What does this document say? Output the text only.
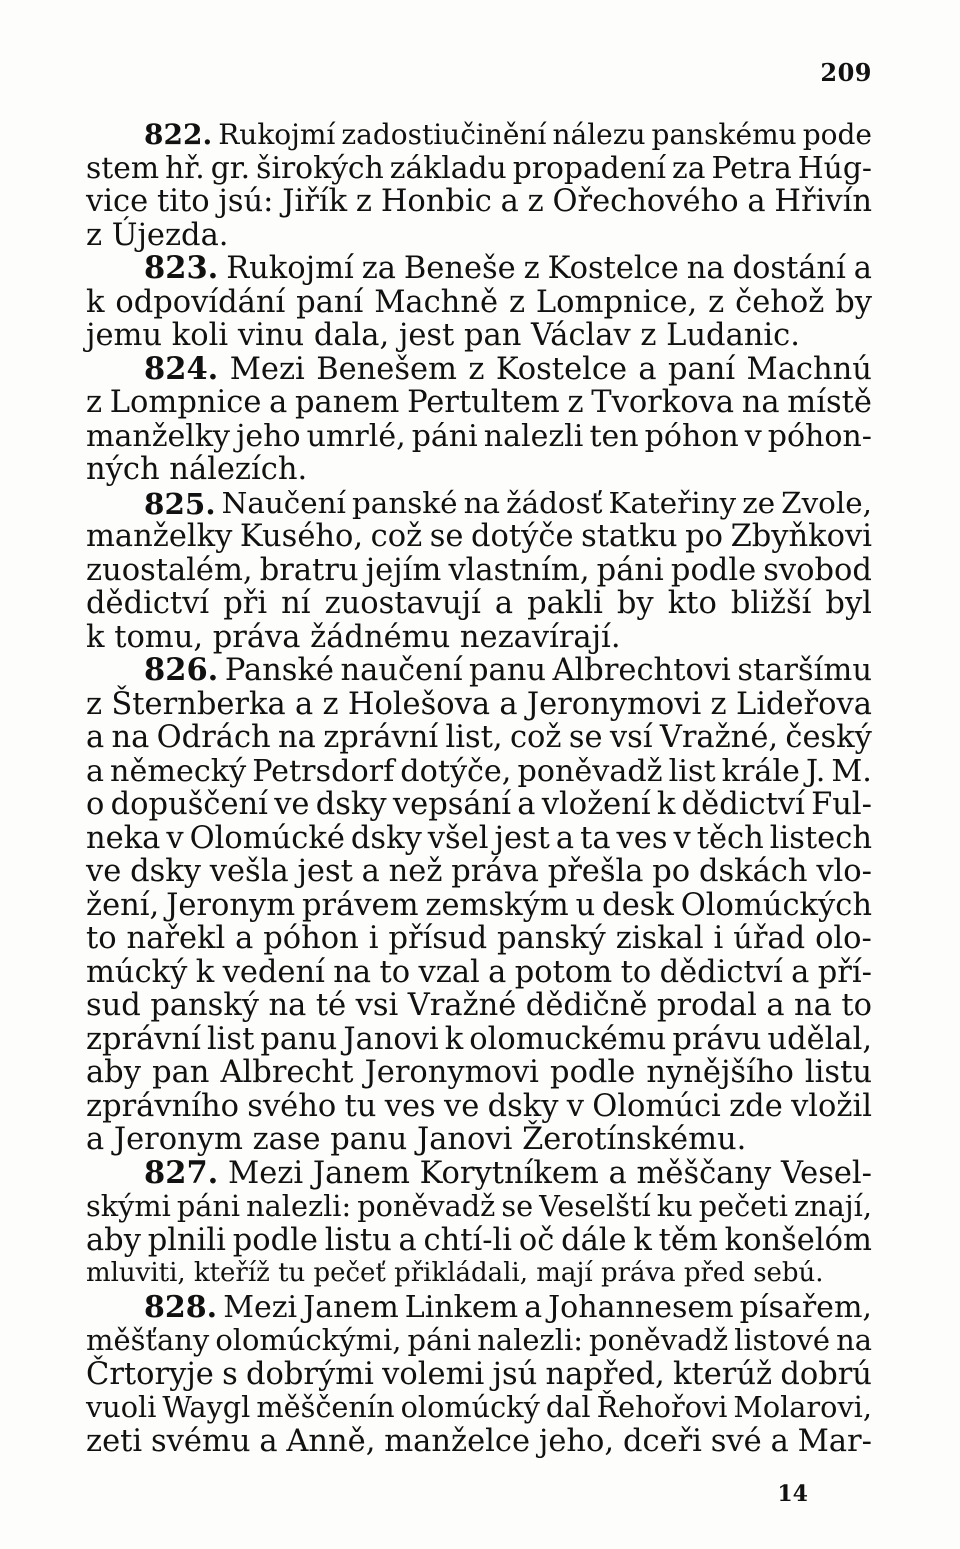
209
822. Rukojmí zadostiučinění nálezu panskému pode
stem hř. gr. širokých základu propadení za Petra Húg-
vice tito jsú: Jiřík z Honbic a z Ořechového a Hřivín
z Újezda.
823. Rukojmí za Beneše z Kostelce na dostání a
k odpovídání paní Machně z Lompnice, z čehož by
jemu koli vinu dala, jest pan Václav z Ludanic.
824. Mezi Benešem z Kostelce a paní Machnú
z Lompnice a panem Pertultem z Tvorkova na místě
manželky jeho umrlé, páni nalezli ten póhon v póhon-
ných nálezích.
825. Naučení panské na žádosť Kateřiny ze Zvole,
manželky Kusého, což se dotýče statku po Zbyňkovi
zuostalém, bratru jejím vlastním, páni podle svobod
dědictví při ní zuostavují a pakli by kto bližší byl
k tomu, práva žádnému nezavírají.
826. Panské naučení panu Albrechtovi staršímu
z Šternberka a z Holešova a Jeronymovi z Lideřova
a na Odrách na zprávní list, což se vsí Vražné, český
a německý Petrsdorf dotýče, poněvadž list krále J. M.
o dopuščení ve dsky vepsání a vložení k dědictví Ful-
neka v Olomúcké dsky všel jest a ta ves v těch listech
ve dsky vešla jest a než práva přešla po dskách vlo-
žení, Jeronym právem zemským u desk Olomúckých
to nařekl a póhon i přísud panský ziskal i úřad olo-
múcký k vedení na to vzal a potom to dědictví a pří-
sud panský na té vsi Vražné dědičně prodal a na to
zprávní list panu Janovi k olomuckému právu udělal,
aby pan Albrecht Jeronymovi podle nynějšího listu
zprávního svého tu ves ve dsky v Olomúci zde vložil
a Jeronym zase panu Janovi Žerotínskému.
827. Mezi Janem Korytníkem a měščany Vesel-
skými páni nalezli: poněvadž se Veselští ku pečeti znají,
aby plnili podle listu a chtí-li oč dále k těm konšelóm
mluviti, kteříž tu pečeť přikládali, mají práva před sebú.
828. Mezi Janem Linkem a Johannesem písařem,
měšťany olomúckými, páni nalezli: poněvadž listové na
Črtoryje s dobrými volemi jsú napřed, kterúž dobrú
vuoli Waygl měščenín olomúcký dal Řehořovi Molarovi,
zeti svému a Anně, manželce jeho, dceři své a Mar-
14
